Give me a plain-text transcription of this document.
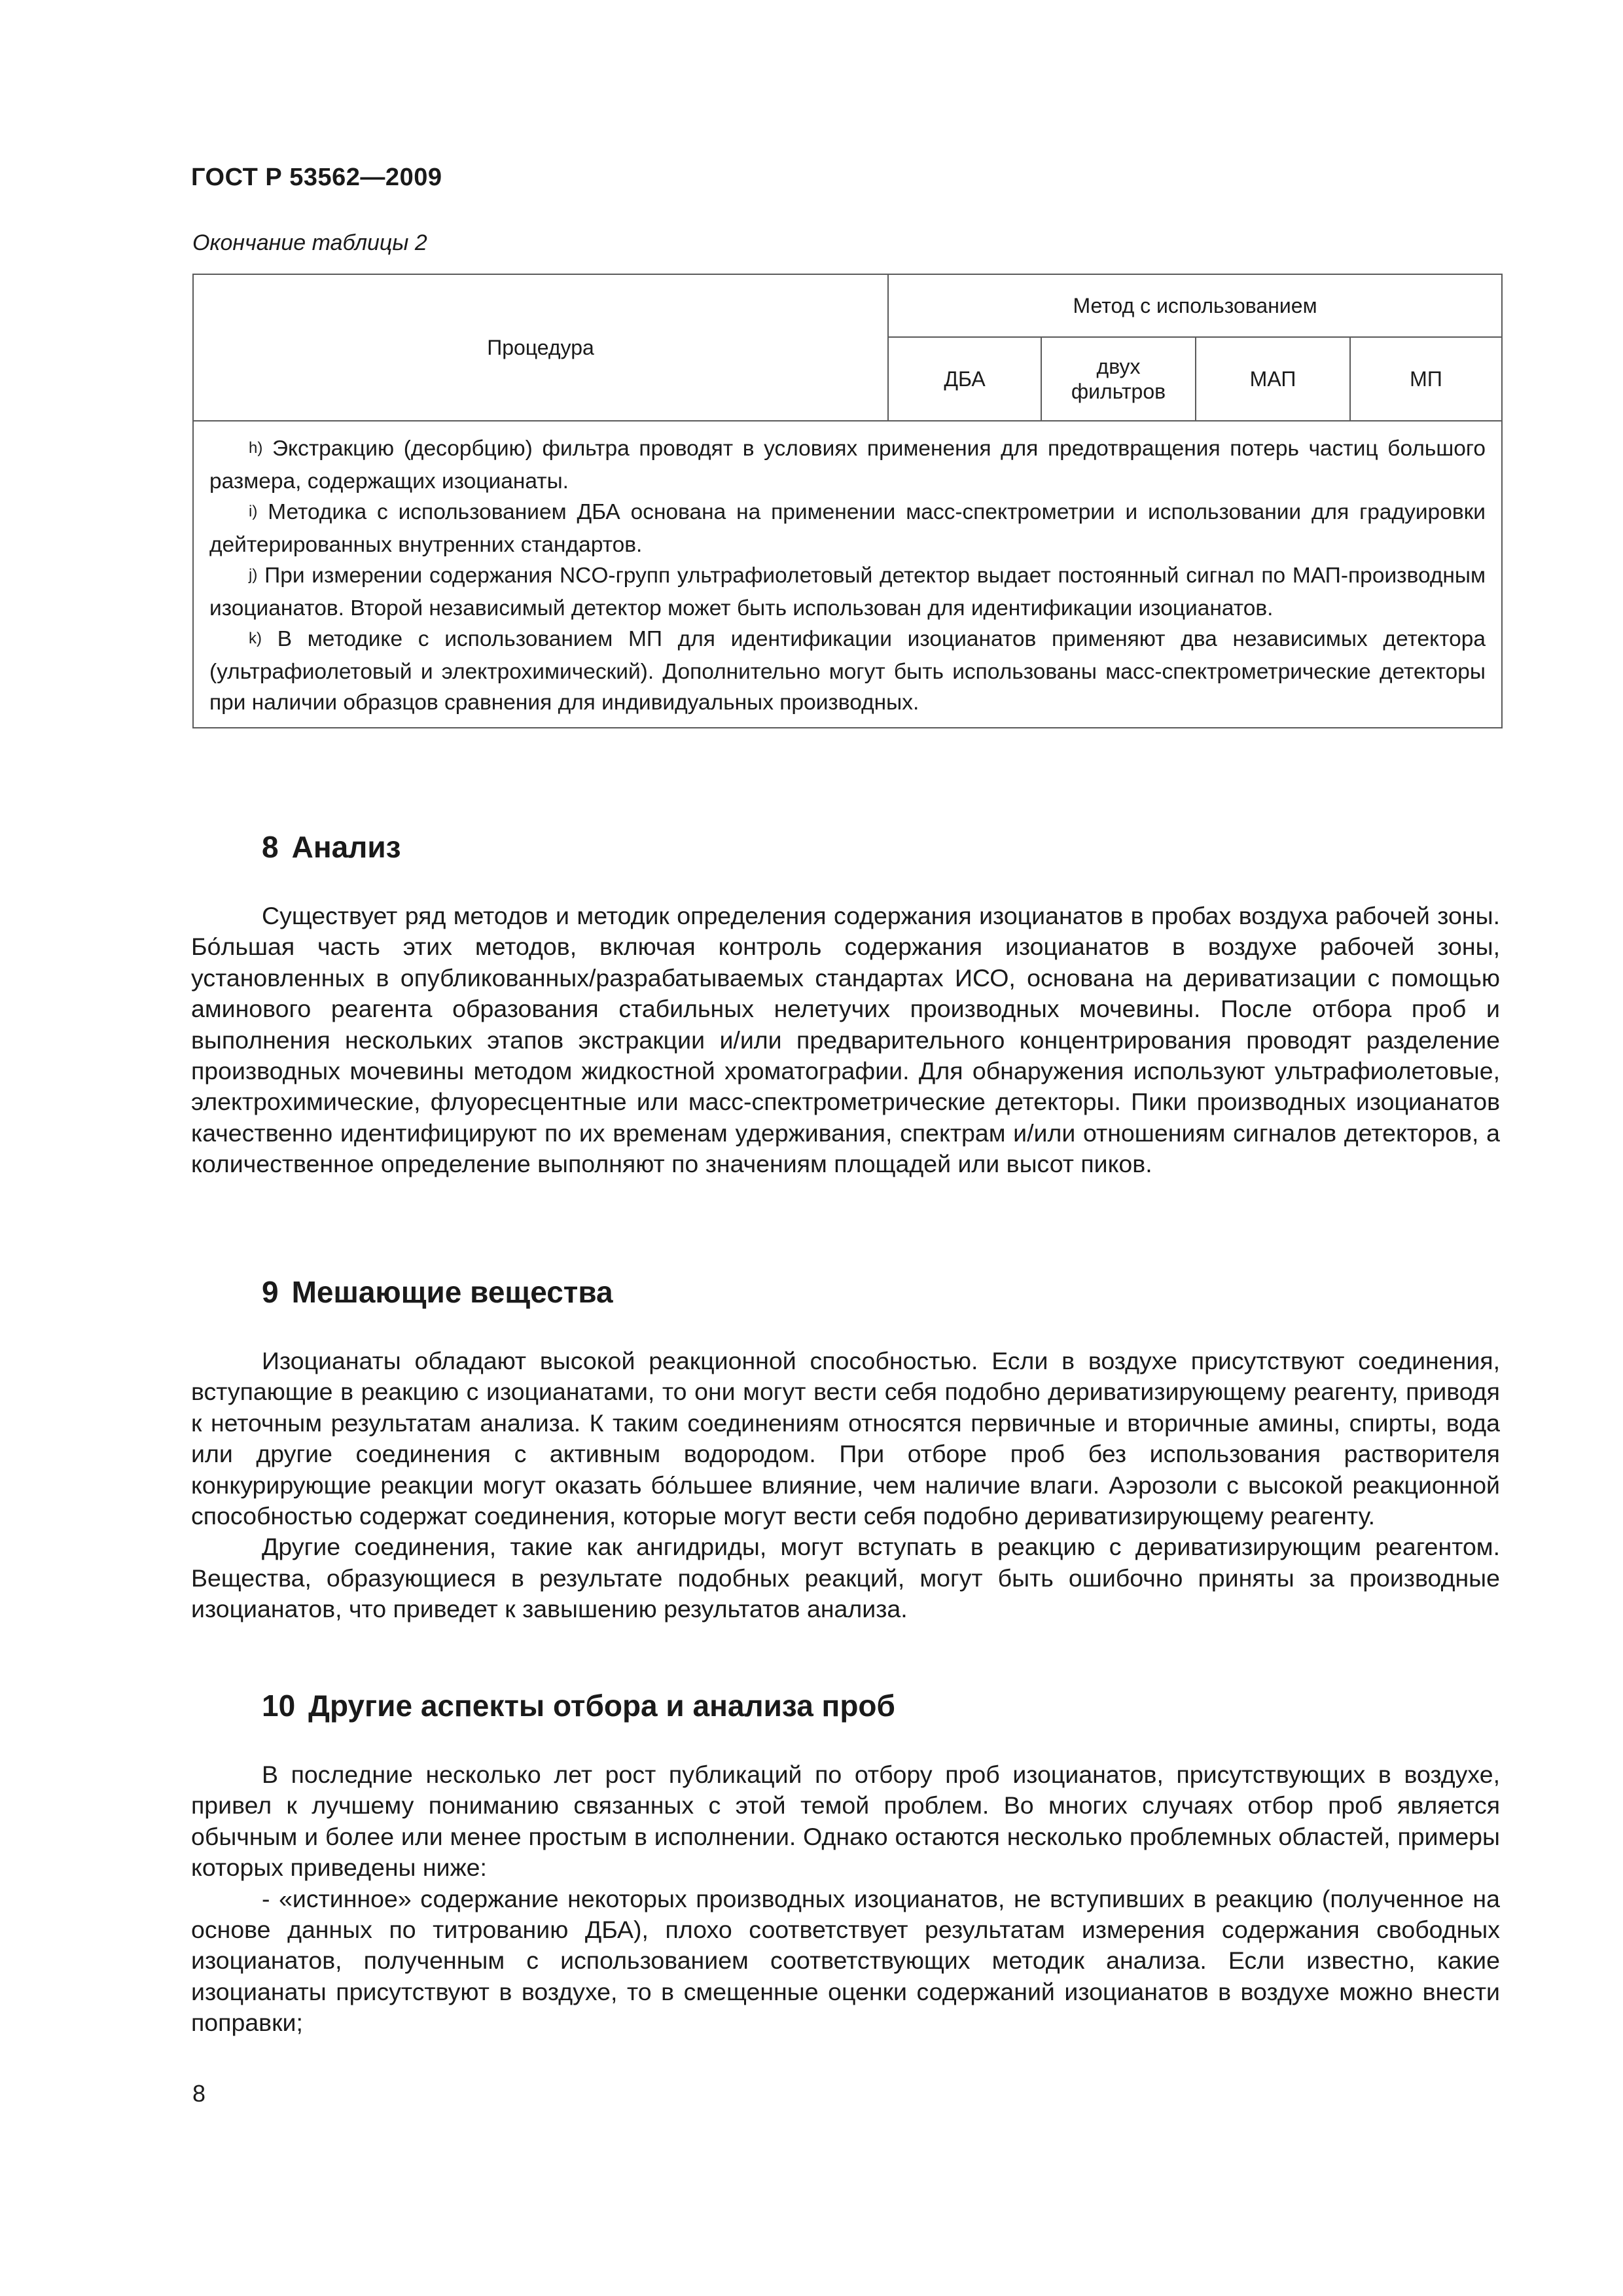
ГОСТ Р 53562—2009
Окончание таблицы 2
Процедура	Метод с использованием			
	ДБА	двух фильтров	МАП	МП

$^{h)}$ Экстракцию (десорбцию) фильтра проводят в условиях применения для предотвращения потерь частиц большого размера, содержащих изоцианаты.

$^{i)}$ Методика с использованием ДБА основана на применении масс-спектрометрии и использовании для градуировки дейтерированных внутренних стандартов.

$^{j)}$ При измерении содержания NCO-групп ультрафиолетовый детектор выдает постоянный сигнал по МАП-производным изоцианатов. Второй независимый детектор может быть использован для идентификации изоцианатов.

$^{k)}$ В методике с использованием МП для идентификации изоцианатов применяют два независимых детектора (ультрафиолетовый и электрохимический). Дополнительно могут быть использованы масс-спектрометрические детекторы при наличии образцов сравнения для индивидуальных производных.				

8 Анализ

Существует ряд методов и методик определения содержания изоцианатов в пробах воздуха рабочей зоны. Бо́льшая часть этих методов, включая контроль содержания изоцианатов в воздухе рабочей зоны, установленных в опубликованных/разрабатываемых стандартах ИСО, основана на дериватизации с помощью аминового реагента образования стабильных нелетучих производных мочевины. После отбора проб и выполнения нескольких этапов экстракции и/или предварительного концентрирования проводят разделение производных мочевины методом жидкостной хроматографии. Для обнаружения используют ультрафиолетовые, электрохимические, флуоресцентные или масс-спектрометрические детекторы. Пики производных изоцианатов качественно идентифицируют по их временам удерживания, спектрам и/или отношениям сигналов детекторов, а количественное определение выполняют по значениям площадей или высот пиков.

9 Мешающие вещества

Изоцианаты обладают высокой реакционной способностью. Если в воздухе присутствуют соединения, вступающие в реакцию с изоцианатами, то они могут вести себя подобно дериватизирующему реагенту, приводя к неточным результатам анализа. К таким соединениям относятся первичные и вторичные амины, спирты, вода или другие соединения с активным водородом. При отборе проб без использования растворителя конкурирующие реакции могут оказать бо́льшее влияние, чем наличие влаги. Аэрозоли с высокой реакционной способностью содержат соединения, которые могут вести себя подобно дериватизирующему реагенту.

Другие соединения, такие как ангидриды, могут вступать в реакцию с дериватизирующим реагентом. Вещества, образующиеся в результате подобных реакций, могут быть ошибочно приняты за производные изоцианатов, что приведет к завышению результатов анализа.

10 Другие аспекты отбора и анализа проб

В последние несколько лет рост публикаций по отбору проб изоцианатов, присутствующих в воздухе, привел к лучшему пониманию связанных с этой темой проблем. Во многих случаях отбор проб является обычным и более или менее простым в исполнении. Однако остаются несколько проблемных областей, примеры которых приведены ниже:

- «истинное» содержание некоторых производных изоцианатов, не вступивших в реакцию (полученное на основе данных по титрованию ДБА), плохо соответствует результатам измерения содержания свободных изоцианатов, полученным с использованием соответствующих методик анализа. Если известно, какие изоцианаты присутствуют в воздухе, то в смещенные оценки содержаний изоцианатов в воздухе можно внести поправки;

8
